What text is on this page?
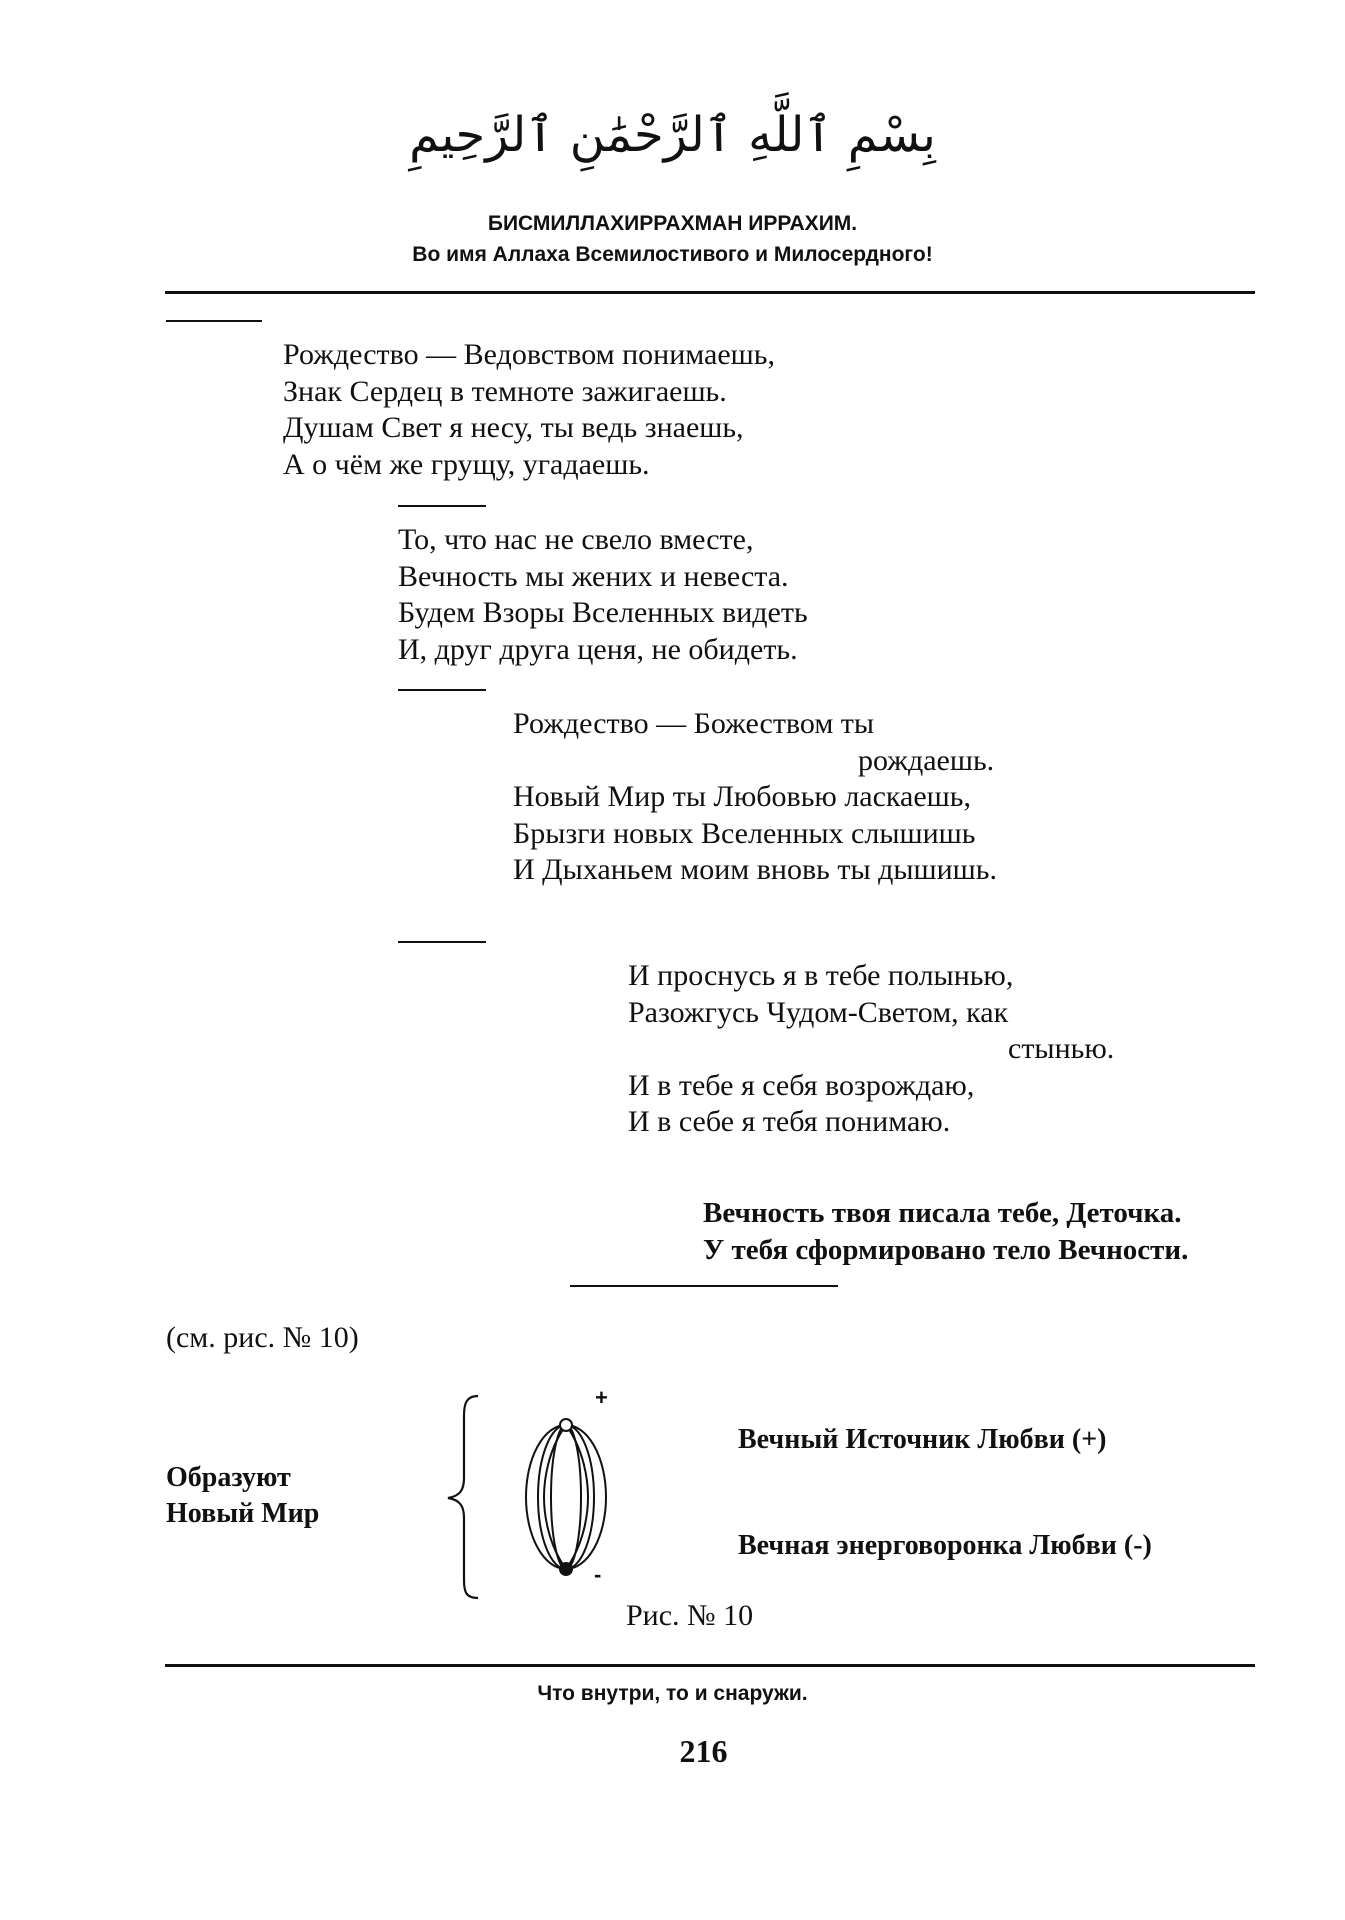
بِسْمِ ٱللَّهِ ٱلرَّحْمَٰنِ ٱلرَّحِيمِ
БИСМИЛЛАХИРРАХМАН ИРРАХИМ.
Во имя Аллаха Всемилостивого и Милосердного!
Рождество — Ведовством понимаешь,
Знак Сердец в темноте зажигаешь.
Душам Свет я несу, ты ведь знаешь,
А о чём же грущу, угадаешь.
То, что нас не свело вместе,
Вечность мы жених и невеста.
Будем Взоры Вселенных видеть
И, друг друга ценя, не обидеть.
Рождество — Божеством ты
рождаешь.
Новый Мир ты Любовью ласкаешь,
Брызги новых Вселенных слышишь
И Дыханьем моим вновь ты дышишь.
И проснусь я в тебе полынью,
Разожгусь Чудом-Светом, как
стынью.
И в тебе я себя возрождаю,
И в себе я тебя понимаю.
Вечность твоя писала тебе, Деточка.
У тебя сформировано тело Вечности.
(см. рис. № 10)
Образуют
Новый Мир
+
-
Вечный Источник Любви (+)
Вечная энерговоронка Любви (-)
Рис. № 10
Что внутри, то и снаружи.
216
